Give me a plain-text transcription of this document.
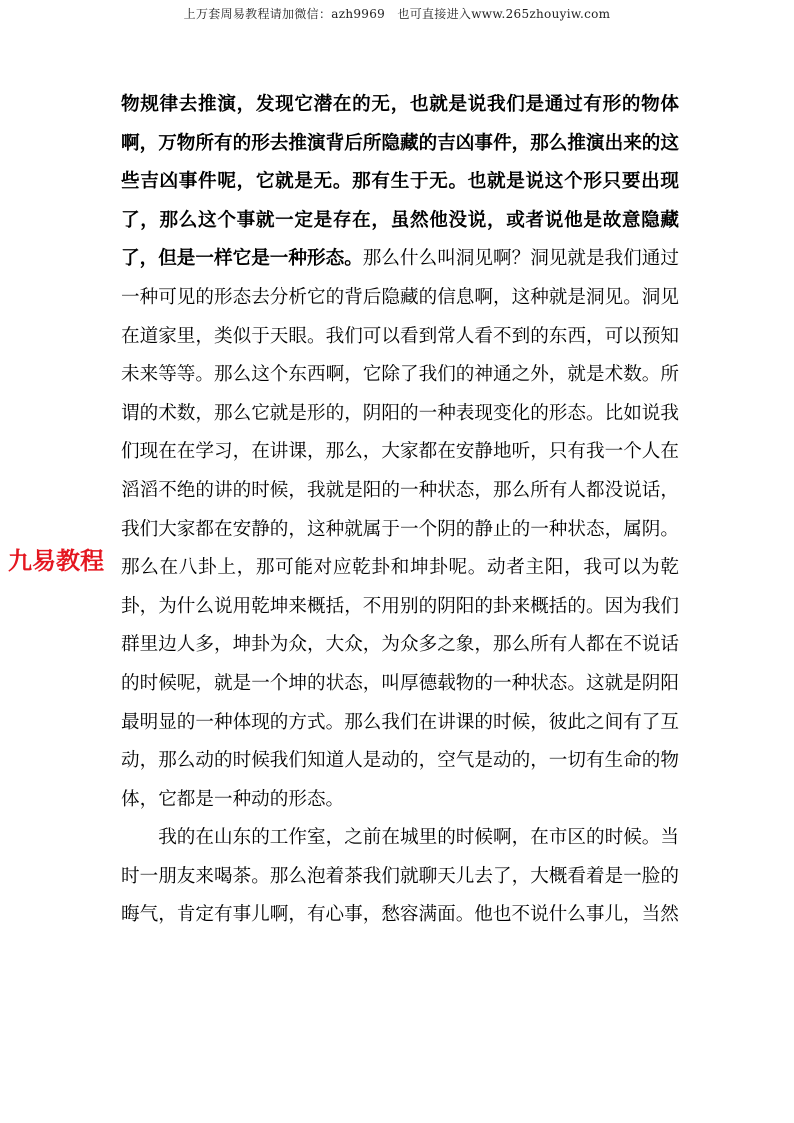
上万套周易教程请加微信：azh9969　也可直接进入www.265zhouyiw.com

物规律去推演，发现它潜在的无，也就是说我们是通过有形的物体啊，万物所有的形去推演背后所隐藏的吉凶事件，那么推演出来的这些吉凶事件呢，它就是无。那有生于无。也就是说这个形只要出现了，那么这个事就一定是存在，虽然他没说，或者说他是故意隐藏了，但是一样它是一种形态。那么什么叫洞见啊？洞见就是我们通过一种可见的形态去分析它的背后隐藏的信息啊，这种就是洞见。洞见在道家里，类似于天眼。我们可以看到常人看不到的东西，可以预知未来等等。那么这个东西啊，它除了我们的神通之外，就是术数。所谓的术数，那么它就是形的，阴阳的一种表现变化的形态。比如说我们现在在学习，在讲课，那么，大家都在安静地听，只有我一个人在滔滔不绝的讲的时候，我就是阳的一种状态，那么所有人都没说话，我们大家都在安静的，这种就属于一个阴的静止的一种状态，属阴。那么在八卦上，那可能对应乾卦和坤卦呢。动者主阳，我可以为乾卦，为什么说用乾坤来概括，不用别的阴阳的卦来概括的。因为我们群里边人多，坤卦为众，大众，为众多之象，那么所有人都在不说话的时候呢，就是一个坤的状态，叫厚德载物的一种状态。这就是阴阳最明显的一种体现的方式。那么我们在讲课的时候，彼此之间有了互动，那么动的时候我们知道人是动的，空气是动的，一切有生命的物体，它都是一种动的形态。

我的在山东的工作室，之前在城里的时候啊，在市区的时候。当时一朋友来喝茶。那么泡着茶我们就聊天儿去了，大概看着是一脸的晦气，肯定有事儿啊，有心事，愁容满面。他也不说什么事儿，当然

九易教程
